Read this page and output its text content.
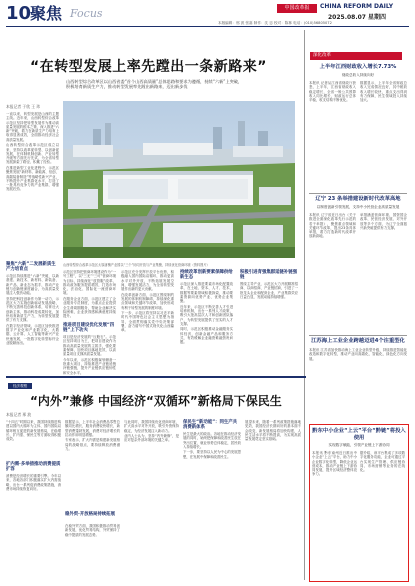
10
聚焦 Focus	中国改革报	CHINA REFORM DAILY
2025.08.07 星期四
本版编辑：邢 波 张嘉 制作：沈 忠 校对：陈林 电话：(010)56805072
“在转型发展上率先蹚出一条新路来”
山西转型综合改革区以山西省委“首个山西高质量”总体思路和要求为遵循，持续“六新”上突破，积极培育新质生产力，推动转型发展率先蹚出新路来，迈出新步伐
本报记者 于欣 王 玮

一直以来，转型发展是山西的主题主线。近年来，山西转型综合改革示范区坚持把转型发展作为推动高质量发展的根本之策，深入推进“六新”突破，着力在新质生产力培育上取得显著成效，全面推动经济社会高质量发展。

山西转型综合改革示范区成立以来，坚持以改革促转型、以创新促发展，在体制机制创新、产业转型升级等方面先行先试，为全省转型发展探索了路径、积累了经验。

在推进新型工业化进程中，示范区聚焦发展“新材料、新能源、信创、高端装备制造”等战略性新兴产业，不断提升产业集群化水平，打造了一批具有竞争力的产业集群，增强发展后劲。

聚焦“六新”二发展新质生产力培育点

示范区持续推进“六新”突破，以新基建、新技术、新材料、新装备、新产品、新业态为抓手，推动产业链与创新链深度融合，为高质量发展注入强劲动能。

坚持把科技创新作为第一动力，示范区大力实施创新驱动发展战略，不断完善科技创新体系，培育壮大创新主体，推动科技成果转化，加快培育新质生产力，为转型发展提供了有力支撑。

在数字经济领域，示范区加快推进数字产业化和产业数字化，大数据、云计算、人工智能等新兴产业快速发展，一批数字化转型标杆企业脱颖而出。

山西转型综合改革示范区太原唐槐产业园以“三个”协同开放与产业集聚，持续优化营商环境（资料图片）

示范区坚持把营商环境建设作为“一号工程”，以“三无”“三可”营商环境为目标，持续深化“放管服”改革，推动政务服务提质增效，打造市场化、法治化、国际化一流营商环境。

在服务企业方面，示范区建立了企业服务专员制度，为重点企业提供全生命周期服务，帮助企业解决实际困难，企业获得感和满意度持续提升。

推进项目建设优化发展“四链”上下功夫

项目是经济发展的“压舱石”。示范区坚持项目为王，把项目建设作为推动高质量发展的主抓手，强化要素保障，加快项目落地见效，以高质量项目支撑高质量发展。

今年以来，示范区积极谋划储备一批重大项目，持续推进产业链延链补链强链，提升产业链供应链韧性和安全水平。

示范区充分发挥开放平台优势，积极融入国内国际双循环，推动更高水平对外开放，不断拓展发展空间，增强发展活力，为全省转型发展作出新的更大贡献。

在改革创新方面，示范区围绕制约发展的体制机制障碍，持续深化重点领域和关键环节改革，加快形成有利于转型发展的制度环境。

下一步，示范区将坚持以习近平新时代中国特色社会主义思想为指导，全面贯彻落实党中央决策部署，奋力谱写中国式现代化山西篇章。

持续改革创新要素保障供给新生态

示范区深入推进要素市场化配置改革，在土地、资本、人才、技术、数据等要素领域积极探索，推动要素资源向优势产业、优势企业集聚。

近年来，示范区不断完善人才引进培养机制，出台一系列人才政策，吸引大批高层次人才和创新团队落户，为转型发展提供了坚实的人才支撑。

同时，示范区积极推动金融服务实体经济，创新金融产品和服务方式，有效缓解企业融资难融资贵问题。

积极引进育强集群延链补链强链

围绕主导产业，示范区大力开展精准招商、以商招商、产业链招商，引进了一批龙头企业和配套企业，产业集群效应日益凸显，发展动能持续增强。

深化改革
上半年江西财政收入增长7.73%
财政总收入持续向好

本报讯 记者从江西省财政厅获悉，上半年，江西省财政收入稳定增长，全省一般公共预算收入同比增长，财政运行总体平稳，收支结构不断优化。

数据显示，上半年全省财政总收入完成情况良好，其中税收收入增长较快，重点支出得到有力保障，民生领域投入持续加大。

辽宁 23 条举措建设新时代改革高地
以制度创新引领发展，支持中小民营企业高质量发展

本报讯 辽宁省近日出台《关于推进全面深化改革先行示范的若干举措》，聚焦重点领域和关键环节改革，提出23条具体举措，着力打造新时代改革开放新高地。

举措涵盖营商环境、国资国企改革、民营经济发展、对外开放等多个方面，为辽宁全面振兴新突破提供有力支撑。

江苏海上工业企业跨越迈进4个注重型化

本报讯 江苏省加快推动海上工业企业转型升级，持续推进智能化改造和数字化转型，推动产业向高端化、智能化、绿色化方向发展。

黔东中小企业“上云”平台“黔链”将投入使用
实现数字赋能，引领产业链上下游协同

本报讯 黔东南州近日推出中小企业“上云”平台，助力中小企业数字化转型，降低企业运营成本，推动产业链上下游协同发展，提升区域经济整体竞争力。

据介绍，该平台集成了多项数字化服务功能，企业可通过平台实现生产管理、供应链协同、市场营销等业务的在线化。

经济观察
“内外”兼修 中国经济“双循环”新格局下保民生
本报记者 邢 波

“十四五”时期以来，我国持续推进构建以国内大循环为主体、国内国际双循环相互促进的新发展格局，在稳增长、扩内需、保民生等方面取得积极成效。

扩内需·多举措推动消费提质扩容

消费是经济增长的重要引擎。今年以来，各地各部门积极落实扩大内需战略，出台一系列促消费政策措施，消费市场持续恢复向好。

数据显示，上半年社会消费品零售总额同比增长，服务消费较快增长，新型消费蓬勃发展，消费对经济增长的拉动作用明显增强。

专家表示，扩大内需是构建新发展格局的战略基点，要持续释放消费潜力。

稳外贸·开放格局持续拓展

在稳外贸方面，我国积极推动贸易创新发展，优化贸易结构，外贸保持了稳中提质的发展态势。

与此同时，我国持续优化营商环境，扩大高水平对外开放，吸引外资保持稳定，为经济发展注入新动力。

业内人士认为，坚持“内外兼修”，是应对复杂外部环境的关键之举。

保民生“新动能”：同生产共消费新体系

民生是最大的政治。各地在推动经济发展的同时，始终把保障和改善民生放在突出位置，就业形势总体稳定，居民收入持续增长。

下一步，要坚持以人民为中心的发展思想，在发展中保障和改善民生。

展望未来，随着一系列政策措施落地见效，我国经济长期向好的基本面不会改变，新发展格局将加快构建，人民生活水平将不断提高，为实现高质量发展奠定坚实基础。
